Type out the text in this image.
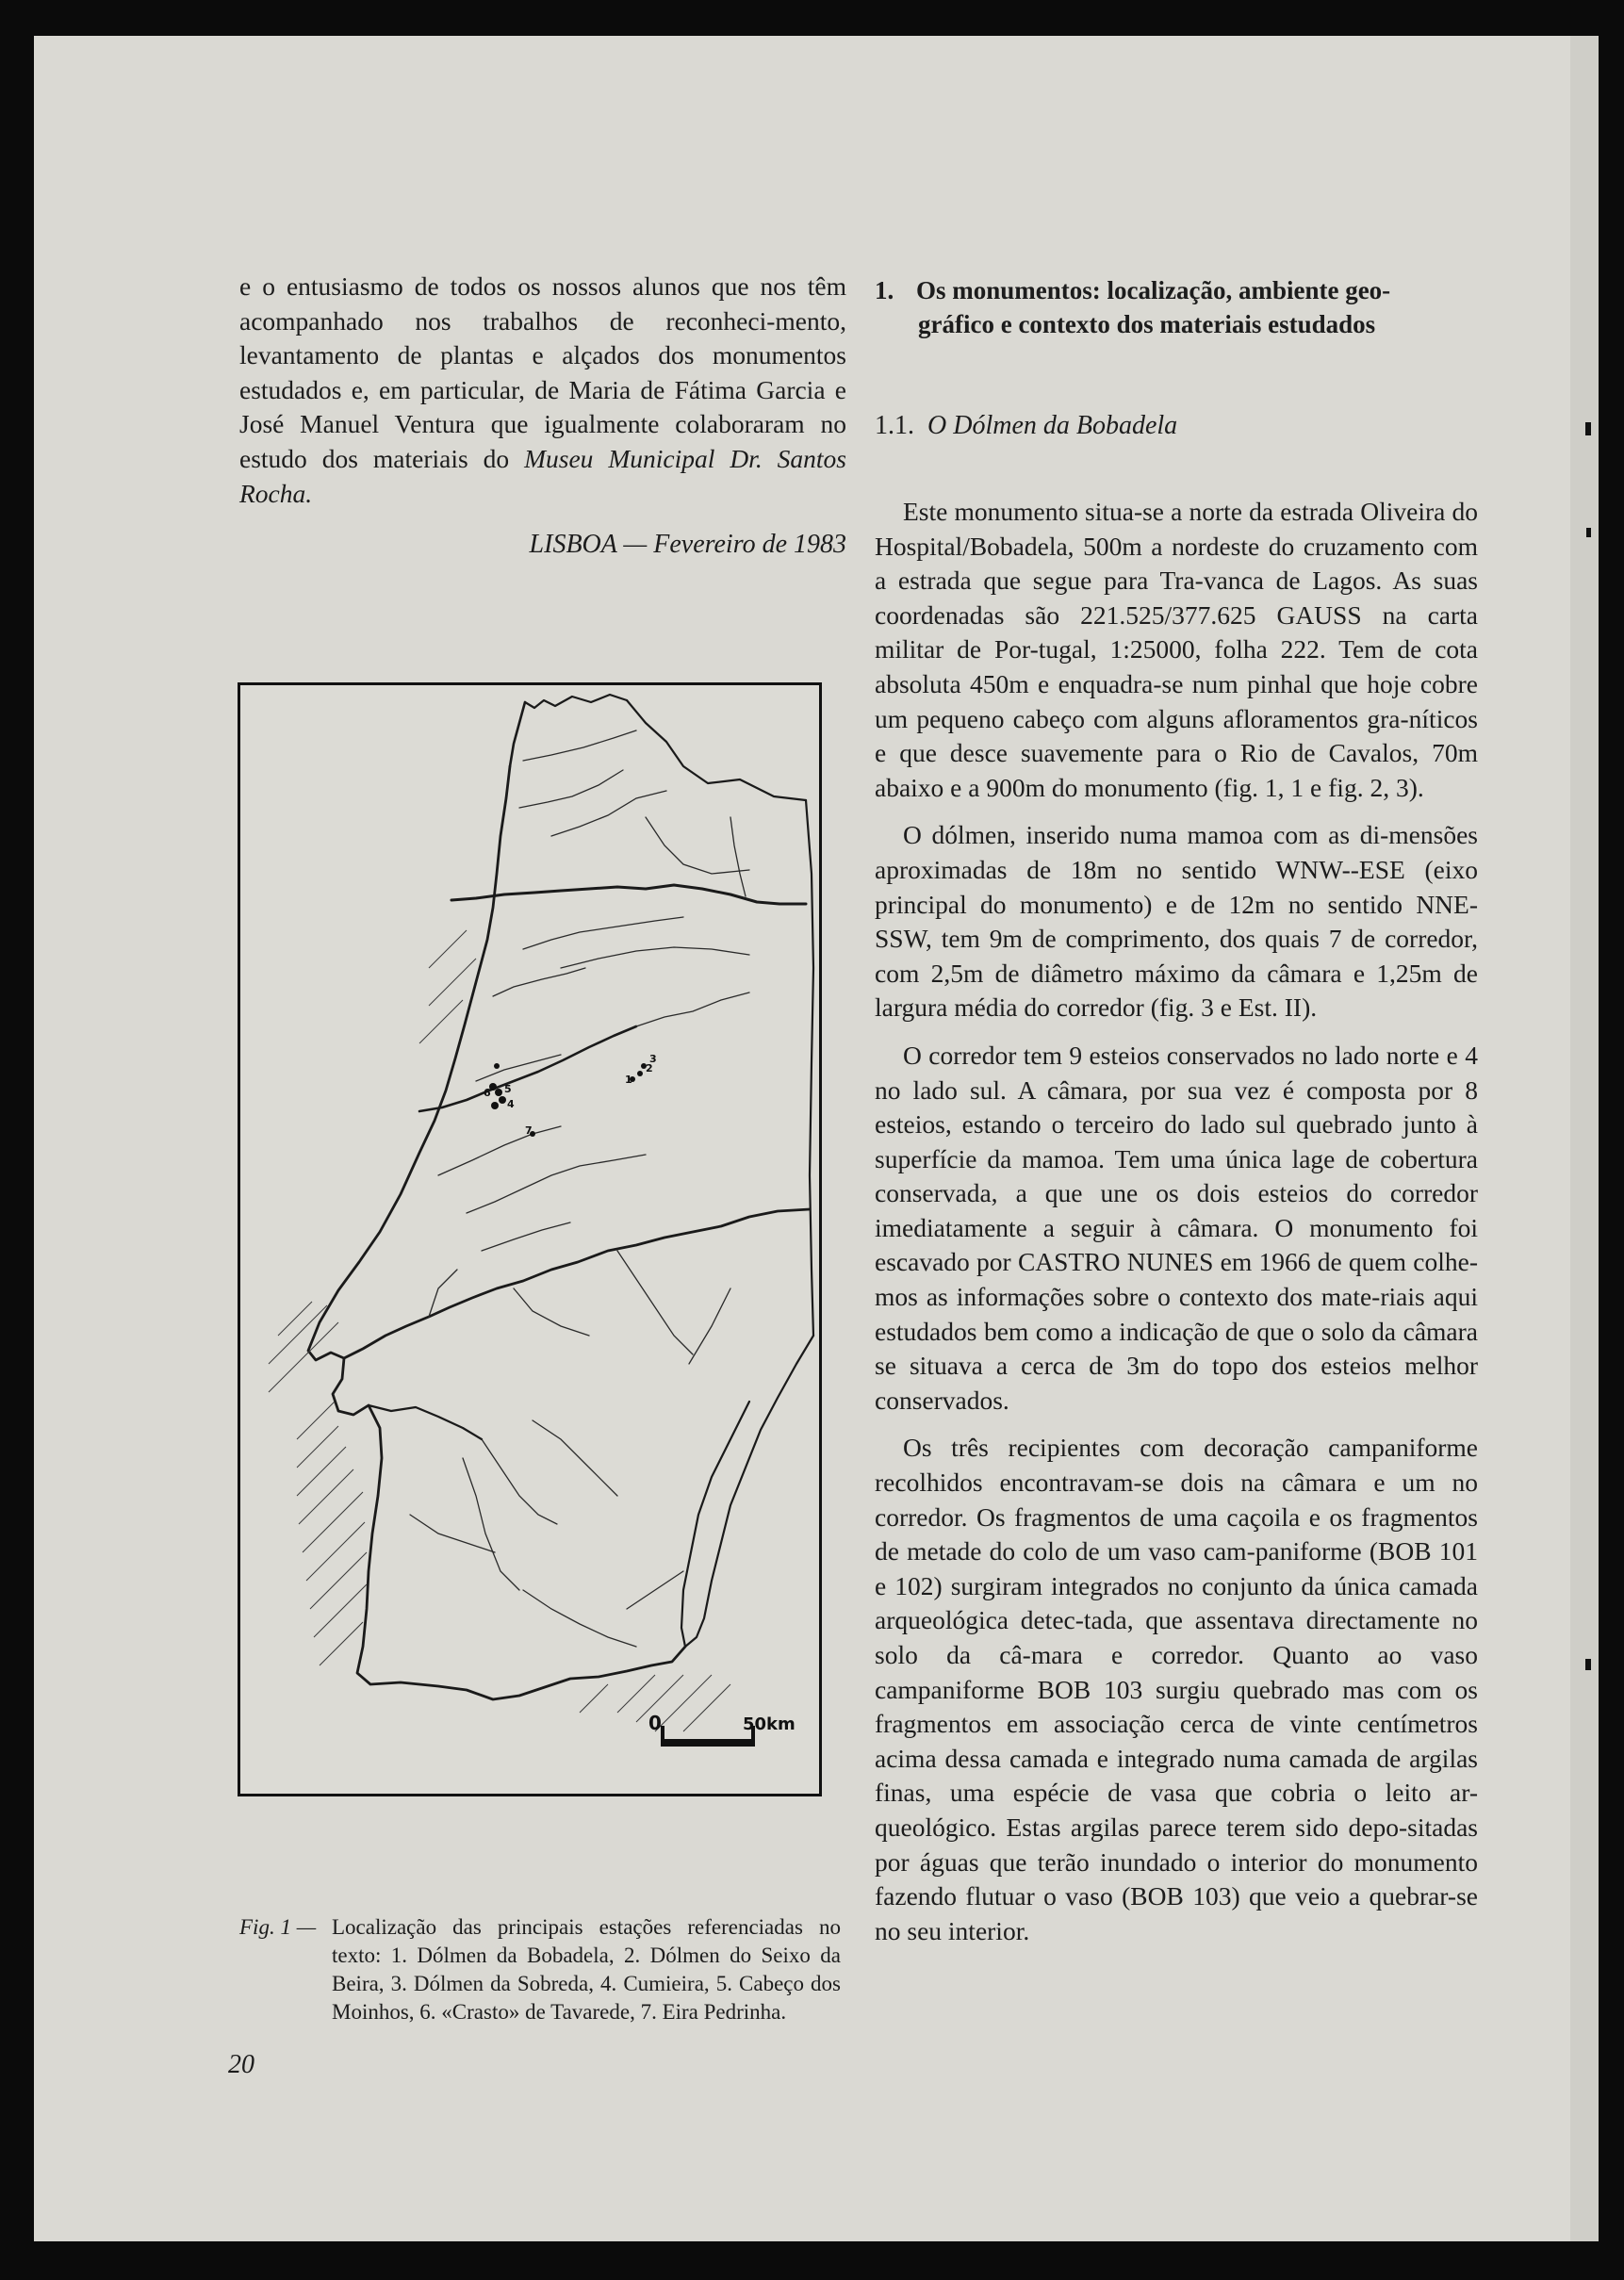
e o entusiasmo de todos os nossos alunos que nos têm acompanhado nos trabalhos de reconheci-mento, levantamento de plantas e alçados dos monumentos estudados e, em particular, de Maria de Fátima Garcia e José Manuel Ventura que igualmente colaboraram no estudo dos materiais do Museu Municipal Dr. Santos Rocha.

LISBOA — Fevereiro de 1983
0	50km
6 5
4
1
2
3
7
Fig. 1 — Localização das principais estações referenciadas no texto: 1. Dólmen da Bobadela, 2. Dólmen do Seixo da Beira, 3. Dólmen da Sobreda, 4. Cumieira, 5. Cabeço dos Moinhos, 6. «Crasto» de Tavarede, 7. Eira Pedrinha.
1. Os monumentos: localização, ambiente geo-
gráfico e contexto dos materiais estudados
1.1. O Dólmen da Bobadela

Este monumento situa-se a norte da estrada Oliveira do Hospital/Bobadela, 500m a nordeste do cruzamento com a estrada que segue para Tra-vanca de Lagos. As suas coordenadas são 221.525/377.625 GAUSS na carta militar de Por-tugal, 1:25000, folha 222. Tem de cota absoluta 450m e enquadra-se num pinhal que hoje cobre um pequeno cabeço com alguns afloramentos gra-níticos e que desce suavemente para o Rio de Cavalos, 70m abaixo e a 900m do monumento (fig. 1, 1 e fig. 2, 3).

O dólmen, inserido numa mamoa com as di-mensões aproximadas de 18m no sentido WNW--ESE (eixo principal do monumento) e de 12m no sentido NNE-SSW, tem 9m de comprimento, dos quais 7 de corredor, com 2,5m de diâmetro máximo da câmara e 1,25m de largura média do corredor (fig. 3 e Est. II).

O corredor tem 9 esteios conservados no lado norte e 4 no lado sul. A câmara, por sua vez é composta por 8 esteios, estando o terceiro do lado sul quebrado junto à superfície da mamoa. Tem uma única lage de cobertura conservada, a que une os dois esteios do corredor imediatamente a seguir à câmara. O monumento foi escavado por CASTRO NUNES em 1966 de quem colhe-mos as informações sobre o contexto dos mate-riais aqui estudados bem como a indicação de que o solo da câmara se situava a cerca de 3m do topo dos esteios melhor conservados.

Os três recipientes com decoração campaniforme recolhidos encontravam-se dois na câmara e um no corredor. Os fragmentos de uma caçoila e os fragmentos de metade do colo de um vaso cam-paniforme (BOB 101 e 102) surgiram integrados no conjunto da única camada arqueológica detec-tada, que assentava directamente no solo da câ-mara e corredor. Quanto ao vaso campaniforme BOB 103 surgiu quebrado mas com os fragmentos em associação cerca de vinte centímetros acima dessa camada e integrado numa camada de argilas finas, uma espécie de vasa que cobria o leito ar-queológico. Estas argilas parece terem sido depo-sitadas por águas que terão inundado o interior do monumento fazendo flutuar o vaso (BOB 103) que veio a quebrar-se no seu interior.

20
